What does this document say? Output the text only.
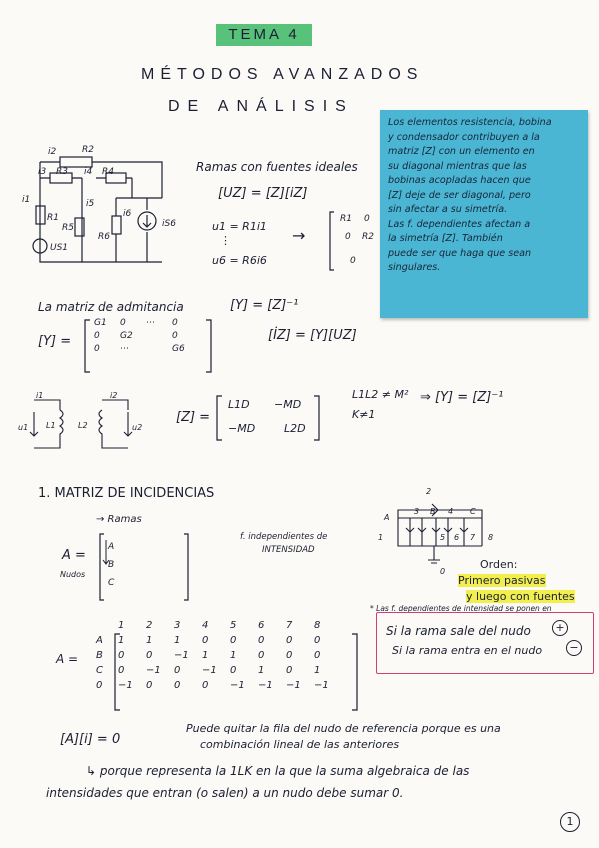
TEMA 4
MÉTODOS AVANZADOS
DE ANÁLISIS
Los elementos resistencia, bobina
y condensador contribuyen a la
matriz [Z] con un elemento en
su diagonal mientras que las
bobinas acopladas hacen que
[Z] deje de ser diagonal, pero
sin afectar a su simetría.
Las f. dependientes afectan a
la simetría [Z]. También
puede ser que haga que sean
singulares.
i2	R2
i3 R3 i4 R4
i1	i5
R1	i6
R5
R6
iS6
US1
Ramas con fuentes ideales
[UZ] = [Z][iZ]
u1 = R1i1
⋮
u6 = R6i6
→
R1 0
0 R2
0
La matriz de admitancia	[Y] = [Z]⁻¹
[Y] =
G1	0	⋯	0
0	G2	0
0	⋯	G6
[İZ] = [Y][UZ]
i1	i2
u1 L1	L2	u2
[Z] =
L1D −MD
−MD	L2D
L1L2 ≠ M²
K≠1
⇒ [Y] = [Z]⁻¹
1. MATRIZ DE INCIDENCIAS
→ Ramas
A =
Nudos
A
B
C
f. independientes de
INTENSIDAD
2
A
3 B 4 C
1	5 6 7 8
0
Orden:
Primero pasivas
y luego con fuentes
* Las f. dependientes de intensidad se ponen en
Si la rama sale del nudo
Si la rama entra en el nudo
+
−
A =
1	2	3	4	5	6	7	8
A	1	1	1	0	0	0	0	0
B	0	0	−1	1	1	0	0	0
C	0	−1	0	−1	0	1	0	1
0	−1	0	0	0	−1	−1	−1	−1
[A][i] = 0
Puede quitar la fila del nudo de referencia porque es una
combinación lineal de las anteriores
↳ porque representa la 1LK en la que la suma algebraica de las
intensidades que entran (o salen) a un nudo debe sumar 0.
1
